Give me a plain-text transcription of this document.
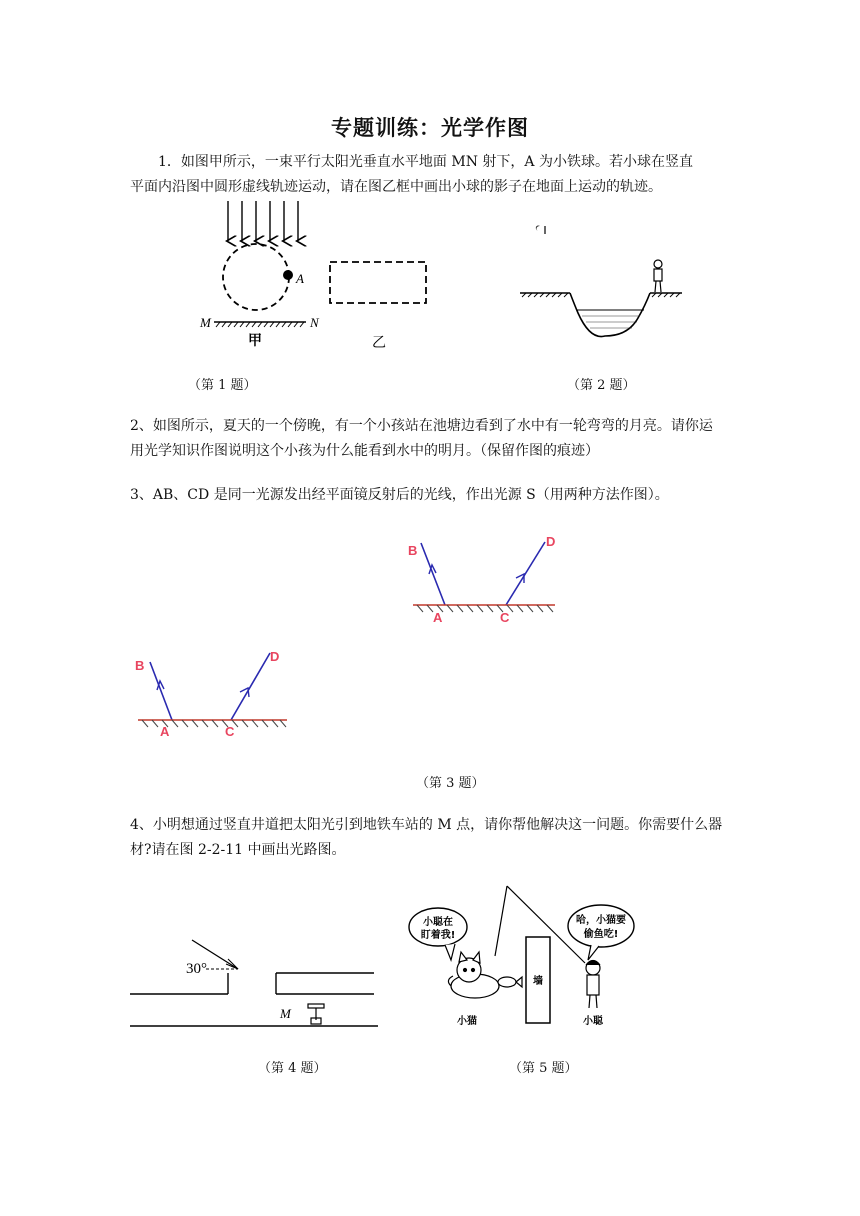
专题训练：光学作图
1．如图甲所示，一束平行太阳光垂直水平地面 MN 射下，A 为小铁球。若小球在竖直
平面内沿图中圆形虚线轨迹运动，请在图乙框中画出小球的影子在地面上运动的轨迹。
A
M	N
甲	乙
（第 1 题）	（第 2 题）
2、如图所示，夏天的一个傍晚，有一个小孩站在池塘边看到了水中有一轮弯弯的月亮。请你运
用光学知识作图说明这个小孩为什么能看到水中的明月。（保留作图的痕迹）
3、AB、CD 是同一光源发出经平面镜反射后的光线，作出光源 S（用两种方法作图）。
B
D
A	C
B
D
A	C
（第 3 题）
4、小明想通过竖直井道把太阳光引到地铁车站的 M 点，请你帮他解决这一问题。你需要什么器
材?请在图 2-2-11 中画出光路图。
30°
M
小聪在
盯着我!
哈，小猫要
偷鱼吃!
墙
小猫	小聪
（第 4 题）	（第 5 题）
